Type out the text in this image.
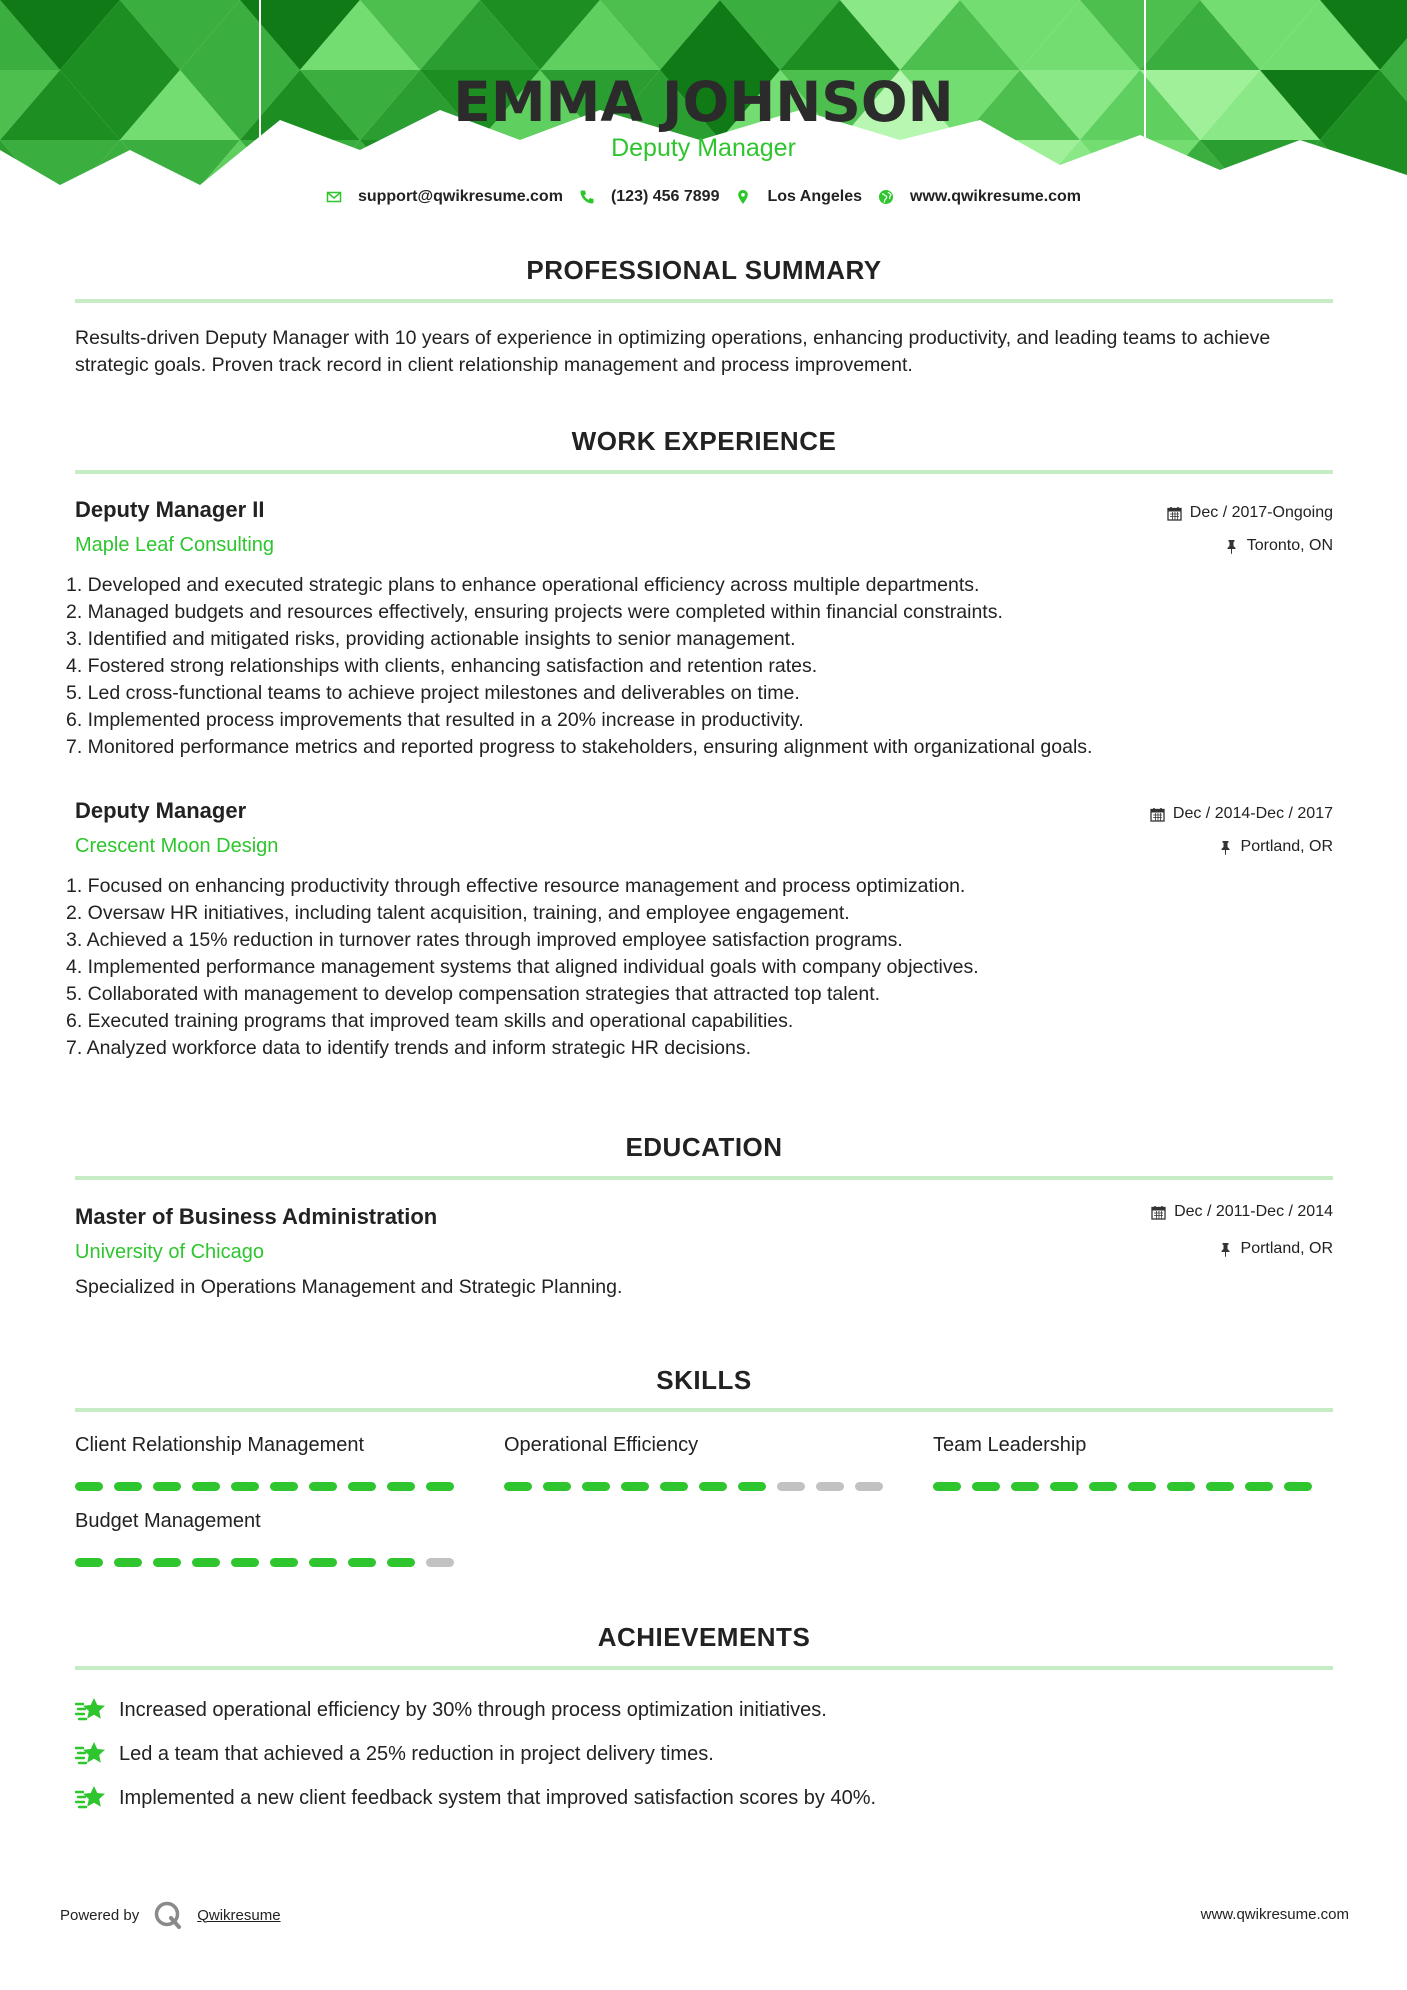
EMMA JOHNSON
Deputy Manager
support@qwikresume.com	(123) 456 7899	Los Angeles	www.qwikresume.com
PROFESSIONAL SUMMARY
Results-driven Deputy Manager with 10 years of experience in optimizing operations, enhancing productivity, and leading teams to achieve strategic goals. Proven track record in client relationship management and process improvement.
WORK EXPERIENCE
Deputy Manager II
Maple Leaf Consulting
Dec / 2017-Ongoing
Toronto, ON
1. Developed and executed strategic plans to enhance operational efficiency across multiple departments.
2. Managed budgets and resources effectively, ensuring projects were completed within financial constraints.
3. Identified and mitigated risks, providing actionable insights to senior management.
4. Fostered strong relationships with clients, enhancing satisfaction and retention rates.
5. Led cross-functional teams to achieve project milestones and deliverables on time.
6. Implemented process improvements that resulted in a 20% increase in productivity.
7. Monitored performance metrics and reported progress to stakeholders, ensuring alignment with organizational goals.
Deputy Manager
Crescent Moon Design
Dec / 2014-Dec / 2017
Portland, OR
1. Focused on enhancing productivity through effective resource management and process optimization.
2. Oversaw HR initiatives, including talent acquisition, training, and employee engagement.
3. Achieved a 15% reduction in turnover rates through improved employee satisfaction programs.
4. Implemented performance management systems that aligned individual goals with company objectives.
5. Collaborated with management to develop compensation strategies that attracted top talent.
6. Executed training programs that improved team skills and operational capabilities.
7. Analyzed workforce data to identify trends and inform strategic HR decisions.
EDUCATION
Master of Business Administration
University of Chicago
Dec / 2011-Dec / 2014
Portland, OR
Specialized in Operations Management and Strategic Planning.
SKILLS
Client Relationship Management	Operational Efficiency	Team Leadership
Budget Management
ACHIEVEMENTS
Increased operational efficiency by 30% through process optimization initiatives.
Led a team that achieved a 25% reduction in project delivery times.
Implemented a new client feedback system that improved satisfaction scores by 40%.
Powered by	Qwikresume	www.qwikresume.com
